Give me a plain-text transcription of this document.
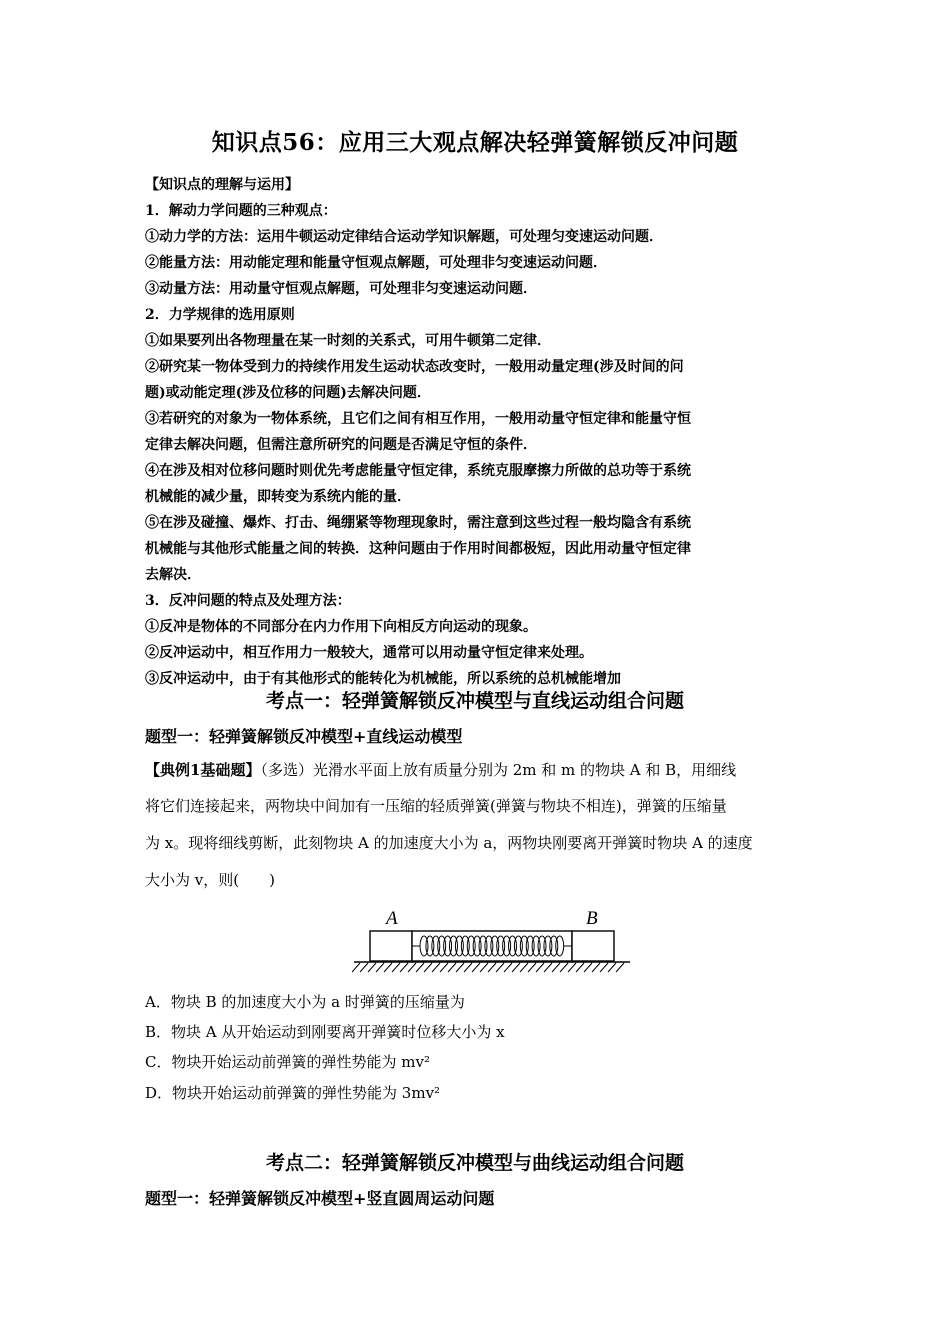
知识点56：应用三大观点解决轻弹簧解锁反冲问题
【知识点的理解与运用】
1．解动力学问题的三种观点：
①动力学的方法：运用牛顿运动定律结合运动学知识解题，可处理匀变速运动问题．
②能量方法：用动能定理和能量守恒观点解题，可处理非匀变速运动问题．
③动量方法：用动量守恒观点解题，可处理非匀变速运动问题．
2．力学规律的选用原则
①如果要列出各物理量在某一时刻的关系式，可用牛顿第二定律．
②研究某一物体受到力的持续作用发生运动状态改变时，一般用动量定理(涉及时间的问
题)或动能定理(涉及位移的问题)去解决问题．
③若研究的对象为一物体系统，且它们之间有相互作用，一般用动量守恒定律和能量守恒
定律去解决问题，但需注意所研究的问题是否满足守恒的条件．
④在涉及相对位移问题时则优先考虑能量守恒定律，系统克服摩擦力所做的总功等于系统
机械能的减少量，即转变为系统内能的量．
⑤在涉及碰撞、爆炸、打击、绳绷紧等物理现象时，需注意到这些过程一般均隐含有系统
机械能与其他形式能量之间的转换．这种问题由于作用时间都极短，因此用动量守恒定律
去解决．
3．反冲问题的特点及处理方法：
①反冲是物体的不同部分在内力作用下向相反方向运动的现象。
②反冲运动中，相互作用力一般较大，通常可以用动量守恒定律来处理。
③反冲运动中，由于有其他形式的能转化为机械能，所以系统的总机械能增加
考点一：轻弹簧解锁反冲模型与直线运动组合问题
题型一：轻弹簧解锁反冲模型+直线运动模型
【典例1基础题】（多选）光滑水平面上放有质量分别为 2m 和 m 的物块 A 和 B，用细线
将它们连接起来，两物块中间加有一压缩的轻质弹簧(弹簧与物块不相连)，弹簧的压缩量
为 x。现将细线剪断，此刻物块 A 的加速度大小为 a，两物块刚要离开弹簧时物块 A 的速度
大小为 v，则(　　)
A	B
A．物块 B 的加速度大小为 a 时弹簧的压缩量为
B．物块 A 从开始运动到刚要离开弹簧时位移大小为 x
C．物块开始运动前弹簧的弹性势能为 mv²
D．物块开始运动前弹簧的弹性势能为 3mv²
考点二：轻弹簧解锁反冲模型与曲线运动组合问题
题型一：轻弹簧解锁反冲模型+竖直圆周运动问题
